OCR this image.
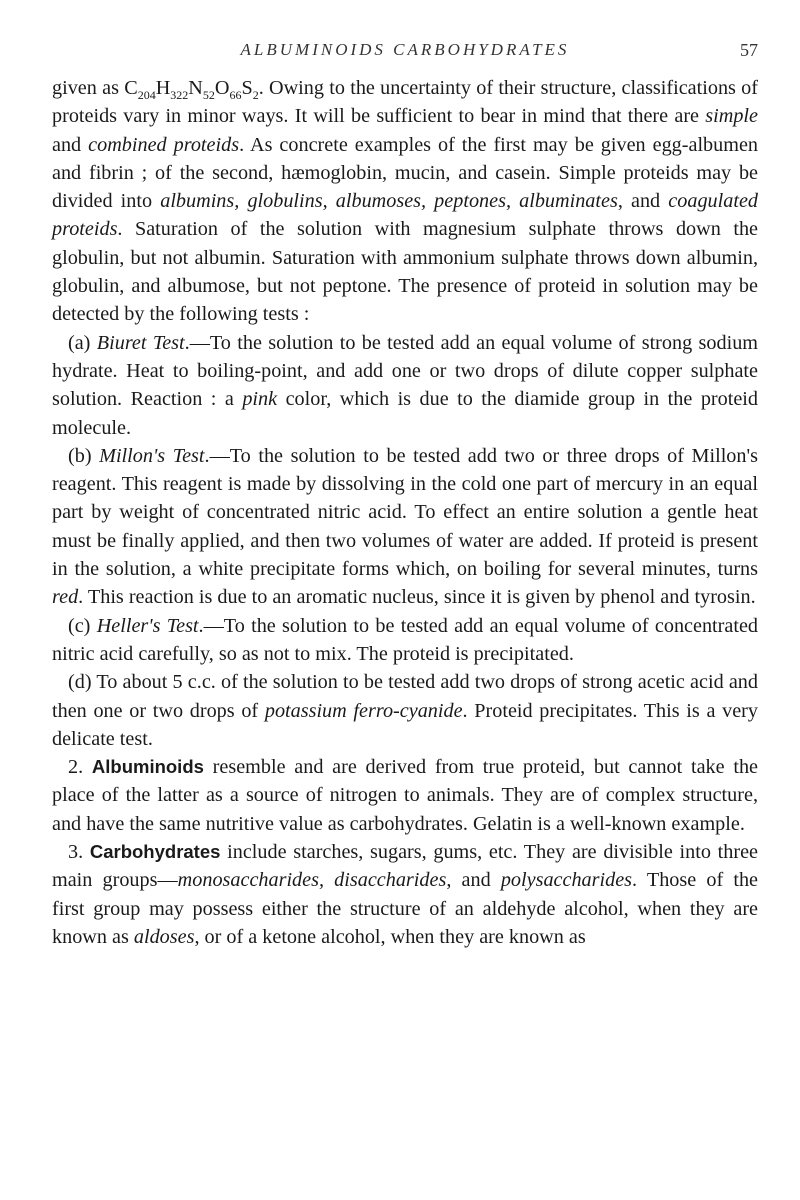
ALBUMINOIDS CARBOHYDRATES	57

given as $C_{204}H_{322}N_{52}O_{66}S_2$. Owing to the uncertainty of their structure, classifications of proteids vary in minor ways. It will be sufficient to bear in mind that there are simple and combined proteids. As concrete examples of the first may be given egg-albumen and fibrin ; of the second, hæmoglobin, mucin, and casein. Simple proteids may be divided into albumins, globulins, albumoses, peptones, albuminates, and coagulated proteids. Saturation of the solution with magnesium sulphate throws down the globulin, but not albumin. Saturation with ammonium sulphate throws down albumin, globulin, and albumose, but not peptone. The presence of proteid in solution may be detected by the following tests :

(a) Biuret Test.—To the solution to be tested add an equal volume of strong sodium hydrate. Heat to boiling-point, and add one or two drops of dilute copper sulphate solution. Reaction : a pink color, which is due to the diamide group in the proteid molecule.

(b) Millon's Test.—To the solution to be tested add two or three drops of Millon's reagent. This reagent is made by dissolving in the cold one part of mercury in an equal part by weight of concentrated nitric acid. To effect an entire solution a gentle heat must be finally applied, and then two volumes of water are added. If proteid is present in the solution, a white precipitate forms which, on boiling for several minutes, turns red. This reaction is due to an aromatic nucleus, since it is given by phenol and tyrosin.

(c) Heller's Test.—To the solution to be tested add an equal volume of concentrated nitric acid carefully, so as not to mix. The proteid is precipitated.

(d) To about 5 c.c. of the solution to be tested add two drops of strong acetic acid and then one or two drops of potassium ferro-cyanide. Proteid precipitates. This is a very delicate test.

2. Albuminoids resemble and are derived from true proteid, but cannot take the place of the latter as a source of nitrogen to animals. They are of complex structure, and have the same nutritive value as carbohydrates. Gelatin is a well-known example.

3. Carbohydrates include starches, sugars, gums, etc. They are divisible into three main groups—monosaccharides, disaccharides, and polysaccharides. Those of the first group may possess either the structure of an aldehyde alcohol, when they are known as aldoses, or of a ketone alcohol, when they are known as
